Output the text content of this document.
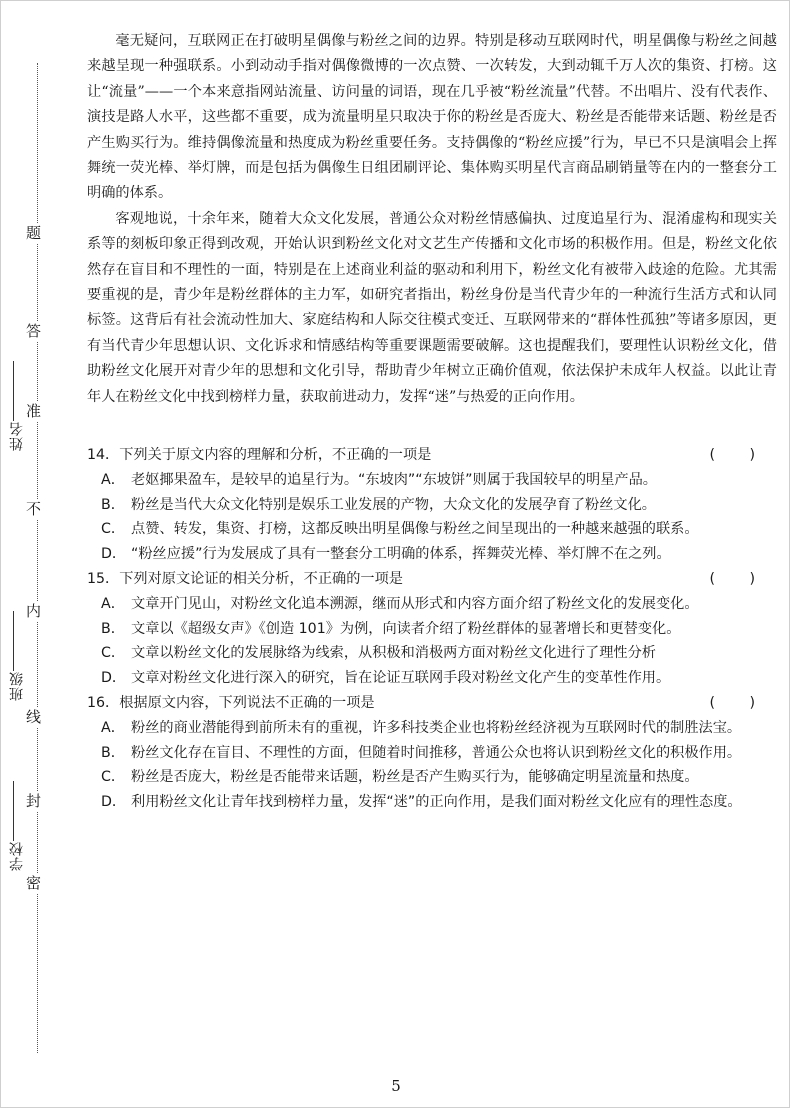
密
封
线
内
不
准
答
题
学校
班级
姓名

毫无疑问，互联网正在打破明星偶像与粉丝之间的边界。特别是移动互联网时代，明星偶像与粉丝之间越来越呈现一种强联系。小到动动手指对偶像微博的一次点赞、一次转发，大到动辄千万人次的集资、打榜。这让“流量”——一个本来意指网站流量、访问量的词语，现在几乎被“粉丝流量”代替。不出唱片、没有代表作、演技是路人水平，这些都不重要，成为流量明星只取决于你的粉丝是否庞大、粉丝是否能带来话题、粉丝是否产生购买行为。维持偶像流量和热度成为粉丝重要任务。支持偶像的“粉丝应援”行为，早已不只是演唱会上挥舞统一荧光棒、举灯牌，而是包括为偶像生日组团刷评论、集体购买明星代言商品刷销量等在内的一整套分工明确的体系。

客观地说，十余年来，随着大众文化发展，普通公众对粉丝情感偏执、过度追星行为、混淆虚构和现实关系等的刻板印象正得到改观，开始认识到粉丝文化对文艺生产传播和文化市场的积极作用。但是，粉丝文化依然存在盲目和不理性的一面，特别是在上述商业利益的驱动和利用下，粉丝文化有被带入歧途的危险。尤其需要重视的是，青少年是粉丝群体的主力军，如研究者指出，粉丝身份是当代青少年的一种流行生活方式和认同标签。这背后有社会流动性加大、家庭结构和人际交往模式变迁、互联网带来的“群体性孤独”等诸多原因，更有当代青少年思想认识、文化诉求和情感结构等重要课题需要破解。这也提醒我们，要理性认识粉丝文化，借助粉丝文化展开对青少年的思想和文化引导，帮助青少年树立正确价值观，依法保护未成年人权益。以此让青年人在粉丝文化中找到榜样力量，获取前进动力，发挥“迷”与热爱的正向作用。

14．下列关于原文内容的理解和分析，不正确的一项是	(　　)
A． 老妪揶果盈车，是较早的追星行为。“东坡肉”“东坡饼”则属于我国较早的明星产品。
B． 粉丝是当代大众文化特别是娱乐工业发展的产物，大众文化的发展孕育了粉丝文化。
C． 点赞、转发，集资、打榜，这都反映出明星偶像与粉丝之间呈现出的一种越来越强的联系。
D． “粉丝应援”行为发展成了具有一整套分工明确的体系，挥舞荧光棒、举灯牌不在之列。
15．下列对原文论证的相关分析，不正确的一项是	(　　)
A． 文章开门见山，对粉丝文化追本溯源，继而从形式和内容方面介绍了粉丝文化的发展变化。
B． 文章以《超级女声》《创造 101》为例，向读者介绍了粉丝群体的显著增长和更替变化。
C． 文章以粉丝文化的发展脉络为线索，从积极和消极两方面对粉丝文化进行了理性分析
D． 文章对粉丝文化进行深入的研究，旨在论证互联网手段对粉丝文化产生的变革性作用。
16．根据原文内容，下列说法不正确的一项是	(　　)
A． 粉丝的商业潜能得到前所未有的重视，许多科技类企业也将粉丝经济视为互联网时代的制胜法宝。
B． 粉丝文化存在盲目、不理性的方面，但随着时间推移，普通公众也将认识到粉丝文化的积极作用。
C． 粉丝是否庞大，粉丝是否能带来话题，粉丝是否产生购买行为，能够确定明星流量和热度。
D． 利用粉丝文化让青年找到榜样力量，发挥“迷”的正向作用，是我们面对粉丝文化应有的理性态度。
5
